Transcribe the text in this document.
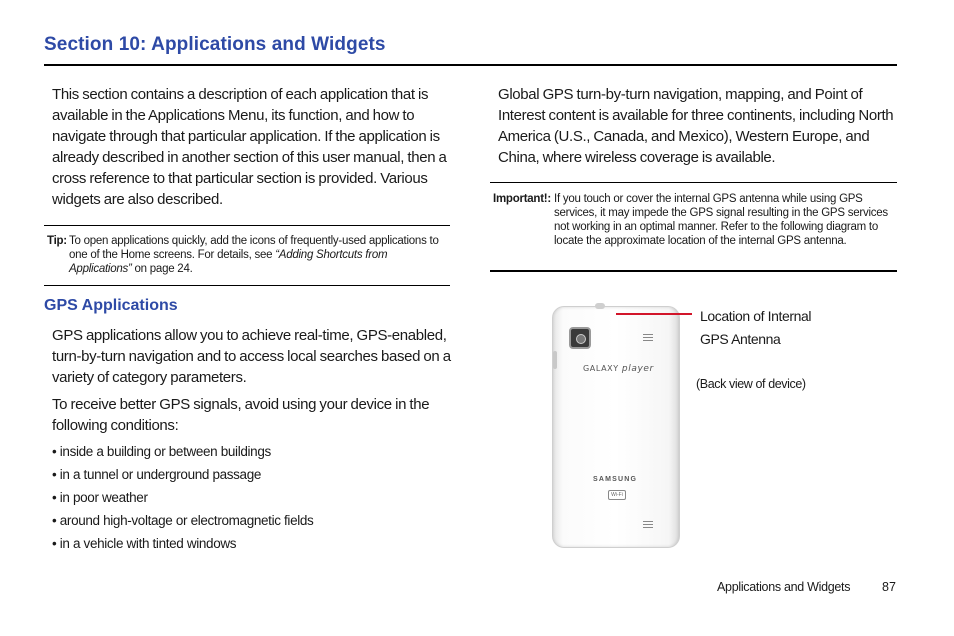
Section 10: Applications and Widgets

This section contains a description of each application that is available in the Applications Menu, its function, and how to navigate through that particular application. If the application is already described in another section of this user manual, then a cross reference to that particular section is provided. Various widgets are also described.

Tip: To open applications quickly, add the icons of frequently-used applications to one of the Home screens. For details, see “Adding Shortcuts from Applications” on page 24.
GPS Applications

GPS applications allow you to achieve real-time, GPS-enabled, turn-by-turn navigation and to access local searches based on a variety of category parameters.

To receive better GPS signals, avoid using your device in the following conditions:

• inside a building or between buildings
• in a tunnel or underground passage
• in poor weather
• around high-voltage or electromagnetic fields
• in a vehicle with tinted windows

Global GPS turn-by-turn navigation, mapping, and Point of Interest content is available for three continents, including North America (U.S., Canada, and Mexico), Western Europe, and China, where wireless coverage is available.

Important!: If you touch or cover the internal GPS antenna while using GPS services, it may impede the GPS signal resulting in the GPS services not working in an optimal manner. Refer to the following diagram to locate the approximate location of the internal GPS antenna.
GALAXY player
SAMSUNG
Wi-Fi
Location of Internal
GPS Antenna
(Back view of device)
Applications and Widgets	87
